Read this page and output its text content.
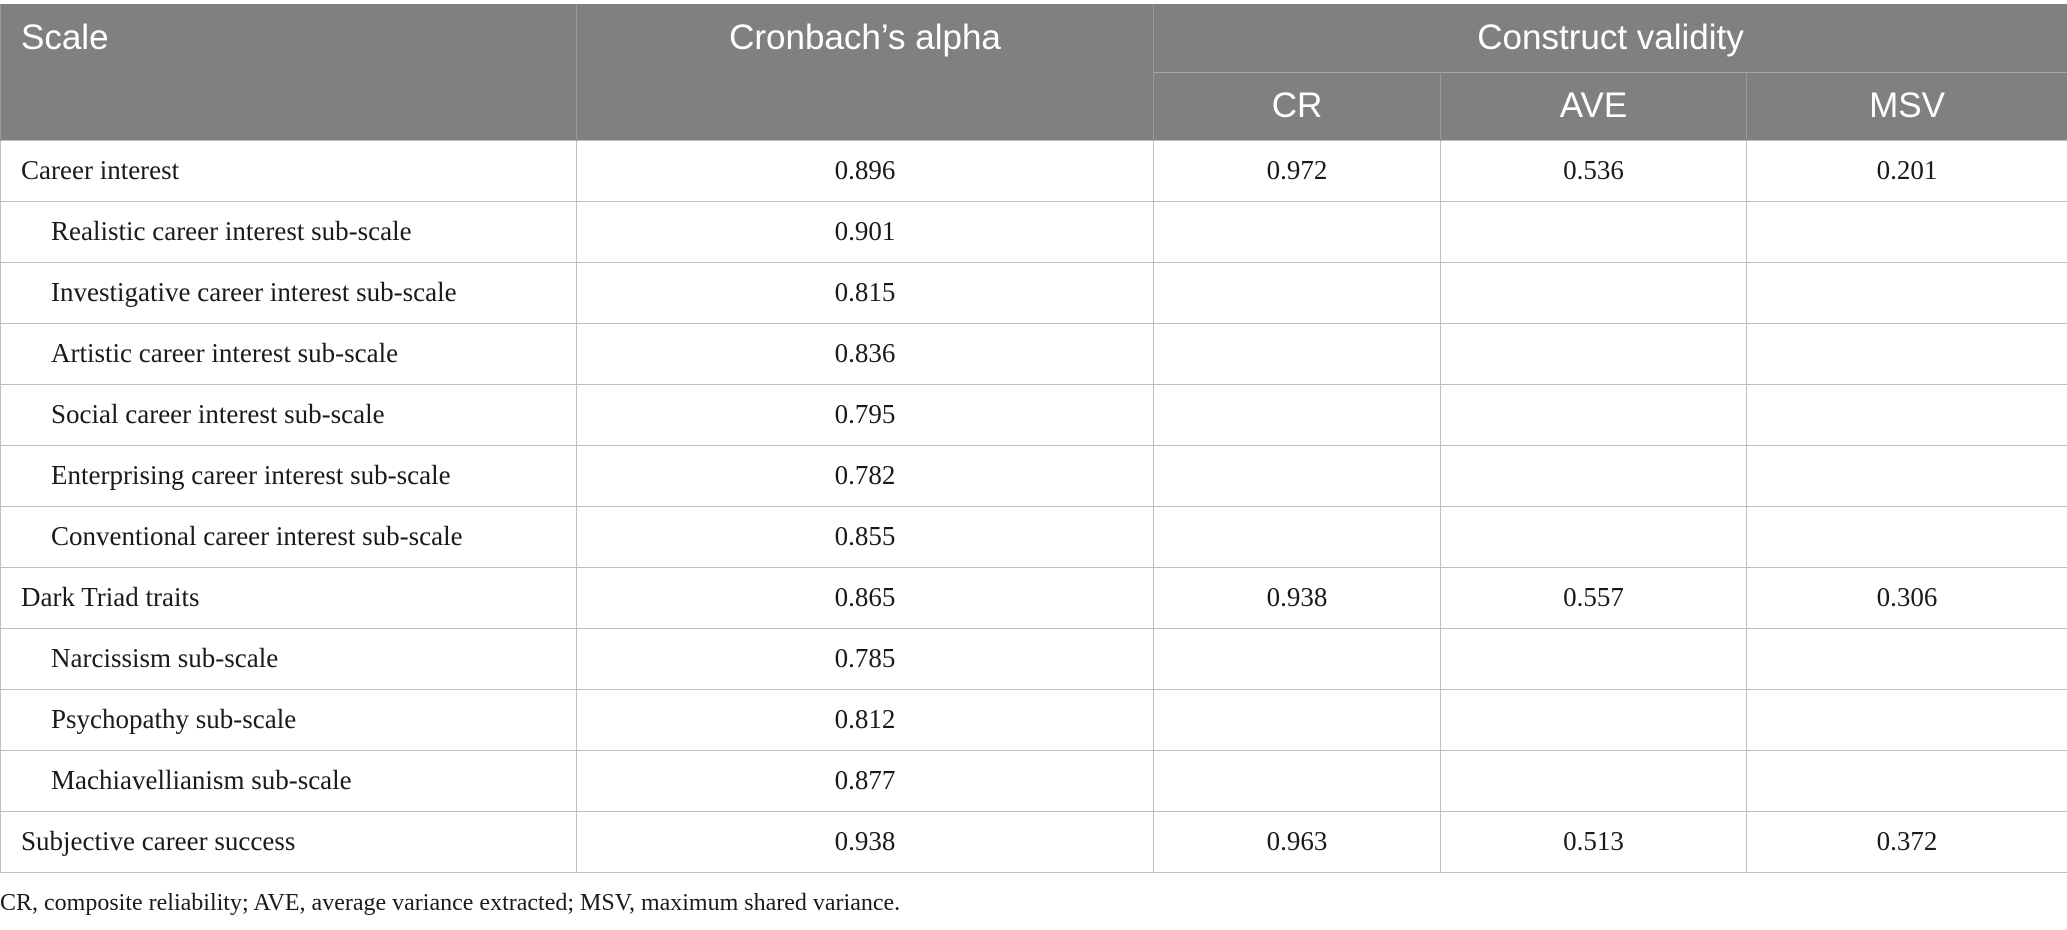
Scale	Cronbach’s alpha	Construct validity		
		CR	AVE	MSV
Career interest	0.896	0.972	0.536	0.201
Realistic career interest sub-scale	0.901			
Investigative career interest sub-scale	0.815			
Artistic career interest sub-scale	0.836			
Social career interest sub-scale	0.795			
Enterprising career interest sub-scale	0.782			
Conventional career interest sub-scale	0.855			
Dark Triad traits	0.865	0.938	0.557	0.306
Narcissism sub-scale	0.785			
Psychopathy sub-scale	0.812			
Machiavellianism sub-scale	0.877			
Subjective career success	0.938	0.963	0.513	0.372
CR, composite reliability; AVE, average variance extracted; MSV, maximum shared variance.
